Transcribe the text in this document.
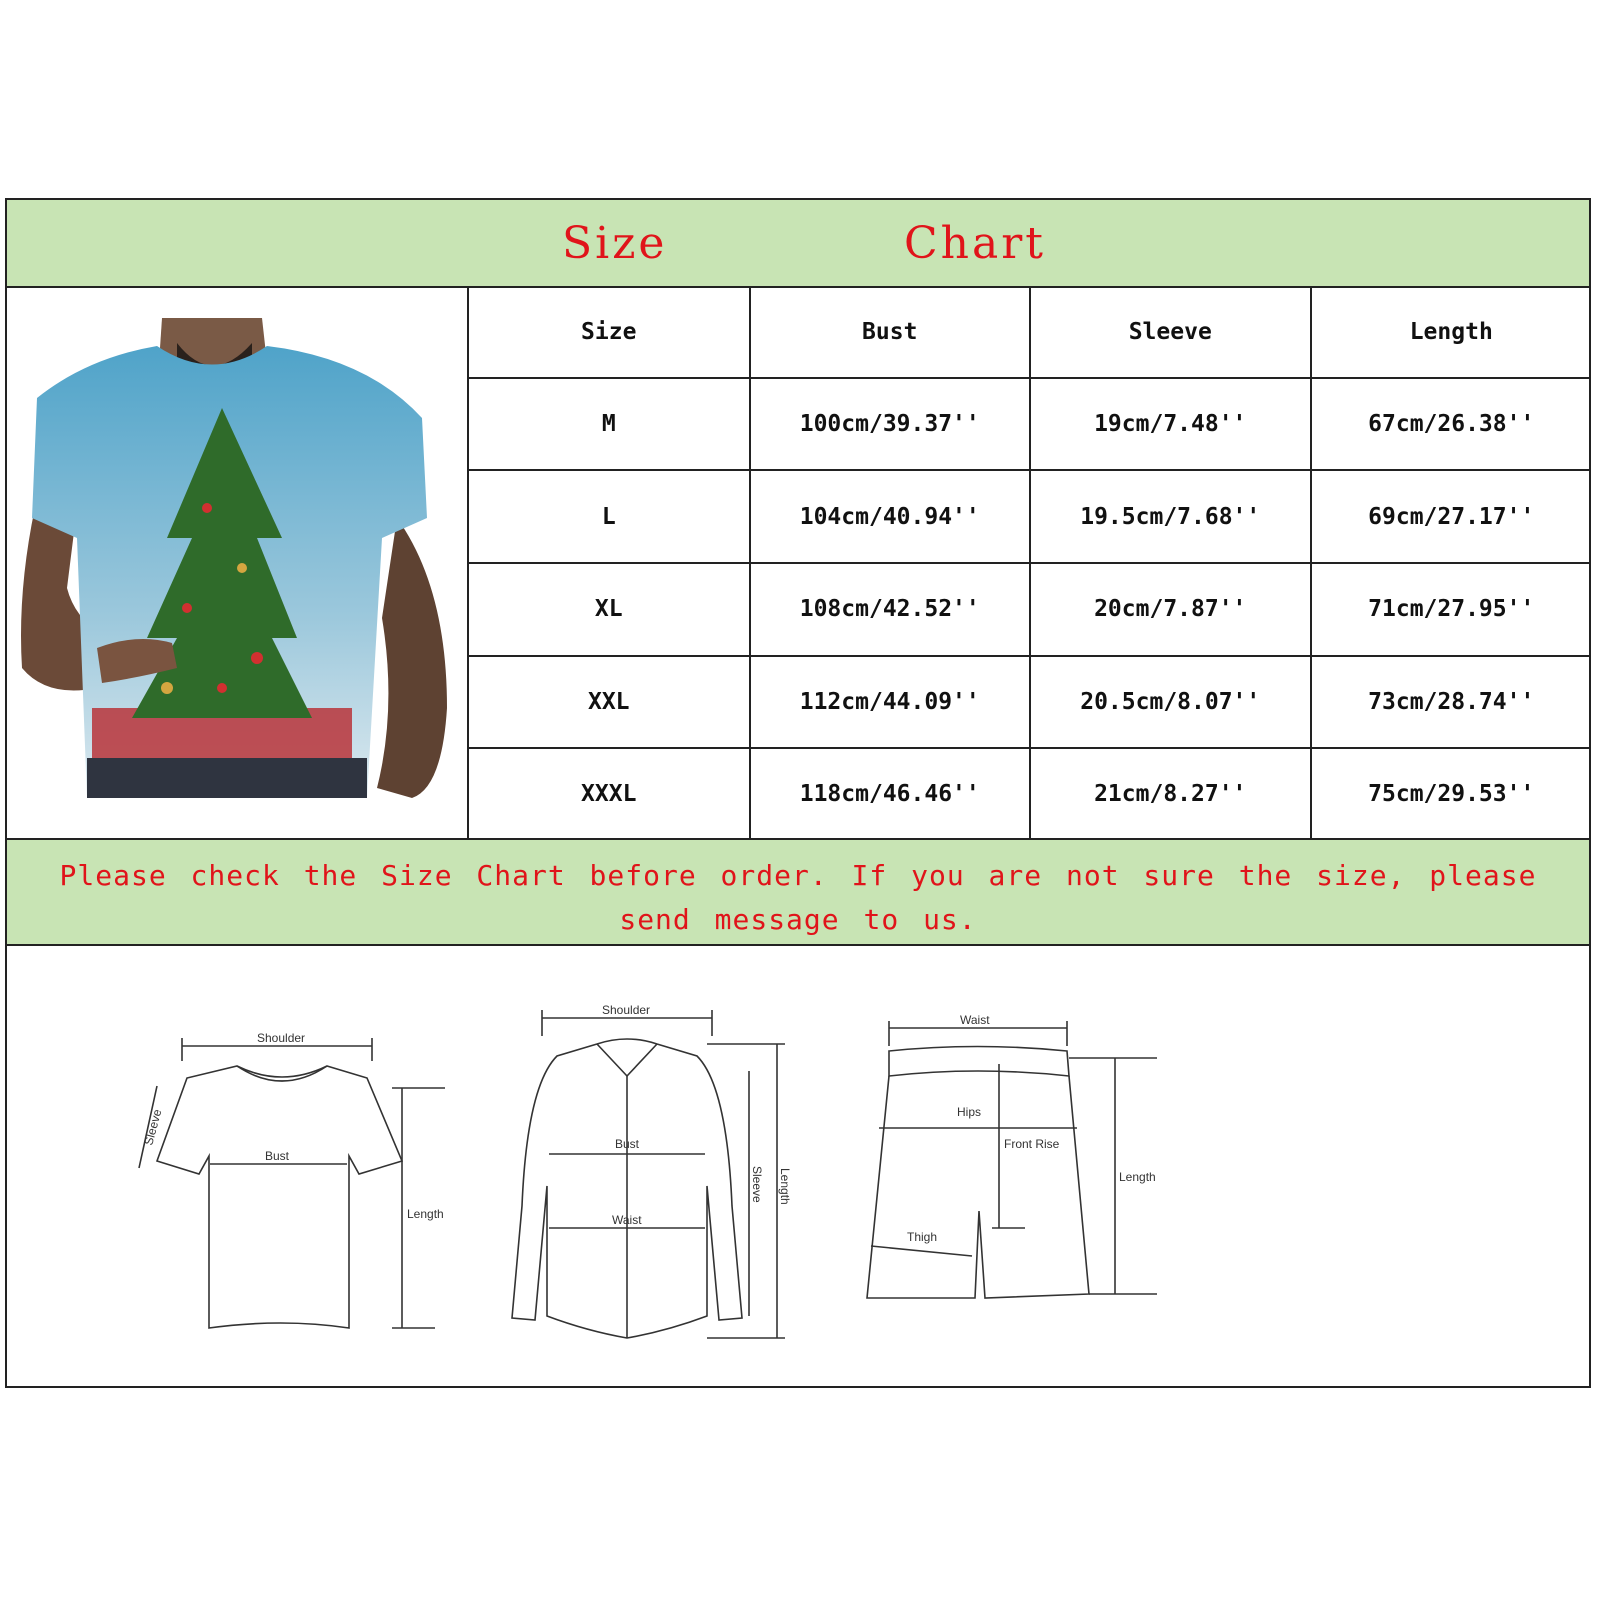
Size	Chart
Size	Bust	Sleeve	Length
M	100cm/39.37''	19cm/7.48''	67cm/26.38''
L	104cm/40.94''	19.5cm/7.68''	69cm/27.17''
XL	108cm/42.52''	20cm/7.87''	71cm/27.95''
XXL	112cm/44.09''	20.5cm/8.07''	73cm/28.74''
XXXL	118cm/46.46''	21cm/8.27''	75cm/29.53''
Please check the Size Chart before order. If you are not sure the size, please send message to us.
Shoulder
Sleeve
Bust
Length
Shoulder
Bust
Waist
Sleeve Length
Waist
Hips
Front Rise
Thigh
Length
